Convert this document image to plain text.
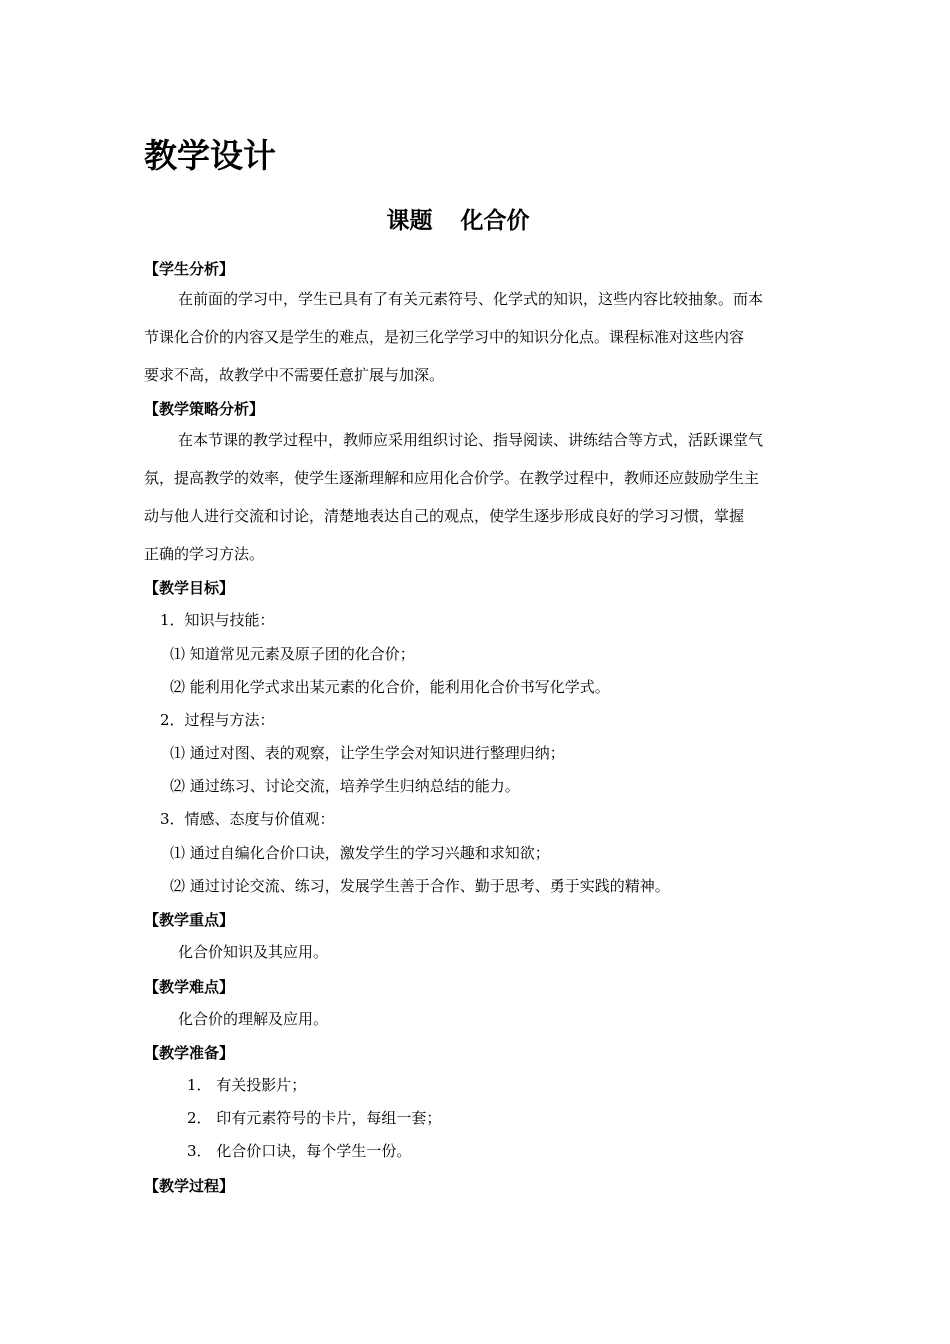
教学设计
课题 化合价
【学生分析】
在前面的学习中，学生已具有了有关元素符号、化学式的知识，这些内容比较抽象。而本
节课化合价的内容又是学生的难点，是初三化学学习中的知识分化点。课程标准对这些内容
要求不高，故教学中不需要任意扩展与加深。
【教学策略分析】
在本节课的教学过程中，教师应采用组织讨论、指导阅读、讲练结合等方式，活跃课堂气
氛，提高教学的效率，使学生逐渐理解和应用化合价学。在教学过程中，教师还应鼓励学生主
动与他人进行交流和讨论，清楚地表达自己的观点，使学生逐步形成良好的学习习惯，掌握
正确的学习方法。
【教学目标】
1．知识与技能：
⑴ 知道常见元素及原子团的化合价；
⑵ 能利用化学式求出某元素的化合价，能利用化合价书写化学式。
2．过程与方法：
⑴ 通过对图、表的观察，让学生学会对知识进行整理归纳；
⑵ 通过练习、讨论交流，培养学生归纳总结的能力。
3．情感、态度与价值观：
⑴ 通过自编化合价口诀，激发学生的学习兴趣和求知欲；
⑵ 通过讨论交流、练习，发展学生善于合作、勤于思考、勇于实践的精神。
【教学重点】
化合价知识及其应用。
【教学难点】
化合价的理解及应用。
【教学准备】
1． 有关投影片；
2． 印有元素符号的卡片，每组一套；
3． 化合价口诀，每个学生一份。
【教学过程】
